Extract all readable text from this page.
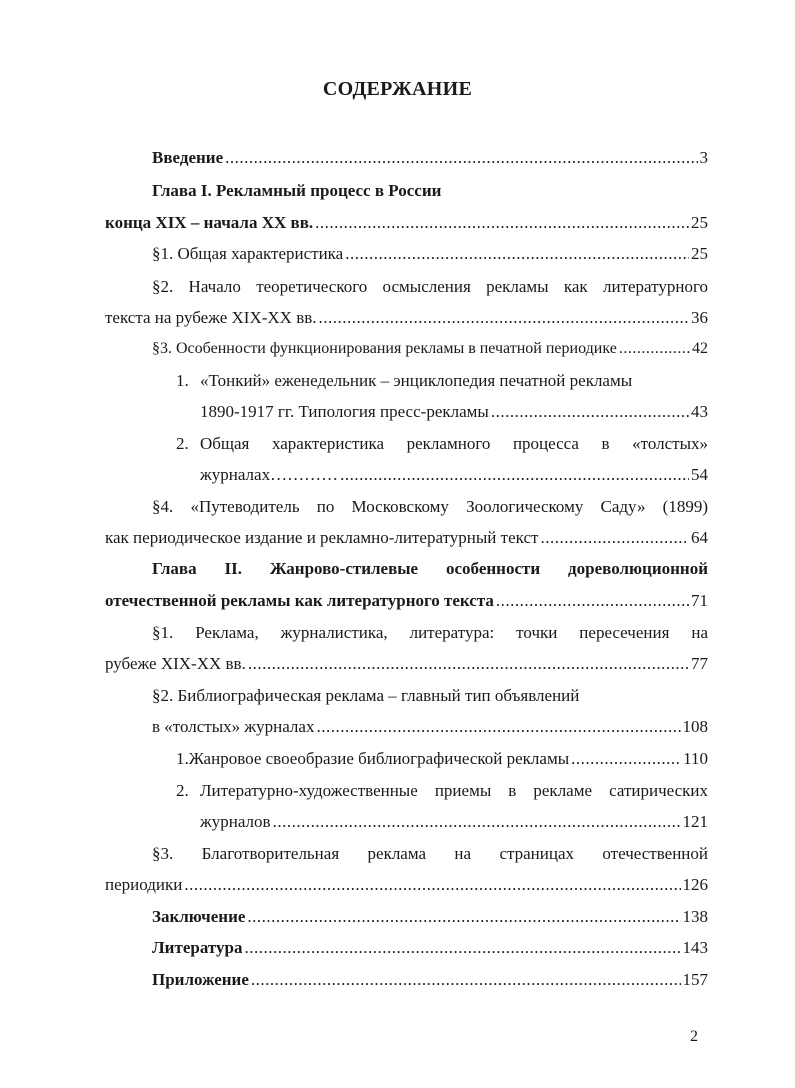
СОДЕРЖАНИЕ
Введение .....	3
Глава I. Рекламный процесс в России
конца XIX – начала XX вв. .....	25
§1. Общая характеристика .....	25
§2. Начало теоретического осмысления рекламы как литературного
текста на рубеже XIX-XX вв. .....	36
§3. Особенности функционирования рекламы в печатной периодике .....	42
1. «Тонкий» еженедельник – энциклопедия печатной рекламы
1890-1917 гг. Типология пресс-рекламы .....	43
2. Общая характеристика рекламного процесса в «толстых»
журналах………… .....	54
§4. «Путеводитель по Московскому Зоологическому Саду» (1899)
как периодическое издание и рекламно-литературный текст .....	64
Глава II. Жанрово-стилевые особенности дореволюционной
отечественной рекламы как литературного текста .....	71
§1. Реклама, журналистика, литература: точки пересечения на
рубеже XIX-XX вв. .....	77
§2. Библиографическая реклама – главный тип объявлений
в «толстых» журналах .....	108
1. Жанровое своеобразие библиографической рекламы .....	110
2. Литературно-художественные приемы в рекламе сатирических
журналов .....	121
§3. Благотворительная реклама на страницах отечественной
периодики .....	126
Заключение .....	138
Литература .....	143
Приложение .....	157
2
